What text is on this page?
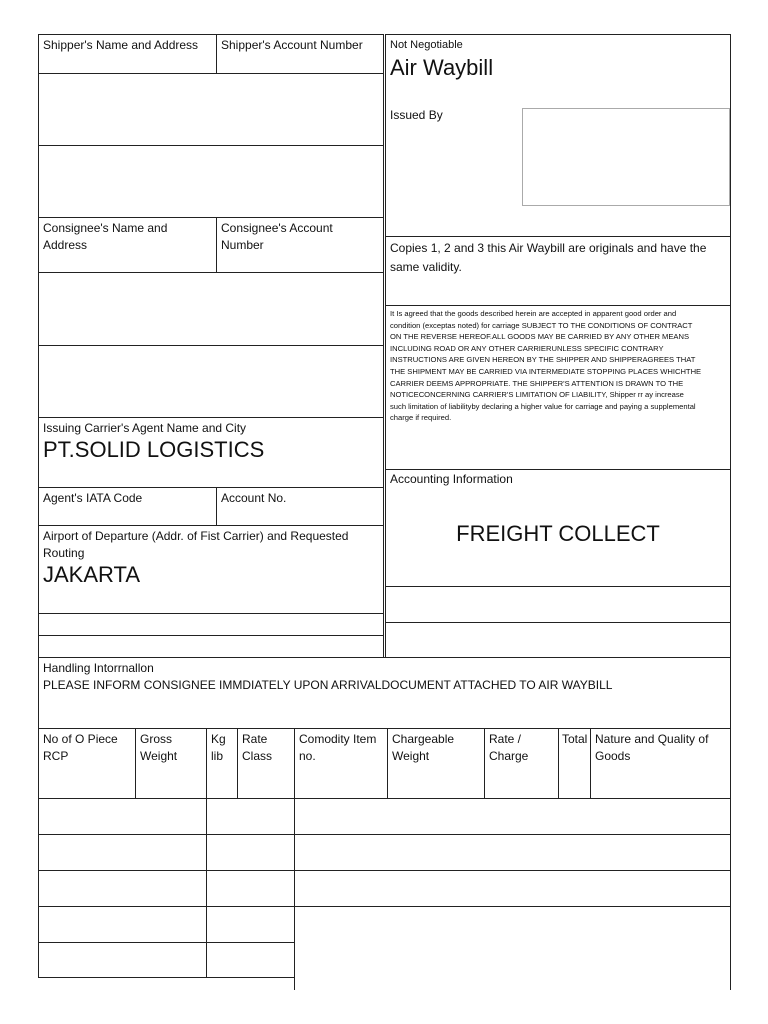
Shipper's Name and Address	Shipper's Account Number
Consignee's Name and Address
Consignee's Account Number
Issuing Carrier's Agent Name and City
PT.SOLID LOGISTICS
Agent's IATA Code	Account No.
Airport of Departure (Addr. of Fist Carrier) and Requested Routing
JAKARTA
Not Negotiable
Air Waybill
Issued By
Copies 1, 2 and 3 this Air Waybill are originals and have the same validity.
It Is agreed that the goods described herein are accepted in apparent good order and
condition (exceptas noted) for carriage SUBJECT TO THE CONDITIONS OF CONTRACT
ON THE REVERSE HEREOF.ALL GOODS MAY BE CARRIED BY ANY OTHER MEANS
INCLUDING ROAD OR ANY OTHER CARRIERUNLESS SPECIFIC CONTRARY
INSTRUCTIONS ARE GIVEN HEREON BY THE SHIPPER AND SHIPPERAGREES THAT
THE SHIPMENT MAY BE CARRIED VIA INTERMEDIATE STOPPING PLACES WHICHTHE
CARRIER DEEMS APPROPRIATE. THE SHIPPER'S ATTENTION IS DRAWN TO THE
NOTICECONCERNING CARRIER'S LIMITATION OF LIABILITY, Shipper rr ay increase
such limitation of liabilityby declaring a higher value for carriage and paying a supplemental
charge if required.
Accounting Information
FREIGHT COLLECT
Handling Intorrnallon
PLEASE INFORM CONSIGNEE IMMDIATELY UPON ARRIVALDOCUMENT ATTACHED TO AIR WAYBILL
No of O Piece RCP
Gross Weight
Kg lib
Rate Class
Comodity Item no.
Chargeable Weight
Rate / Charge
Total Nature and Quality of Goods
